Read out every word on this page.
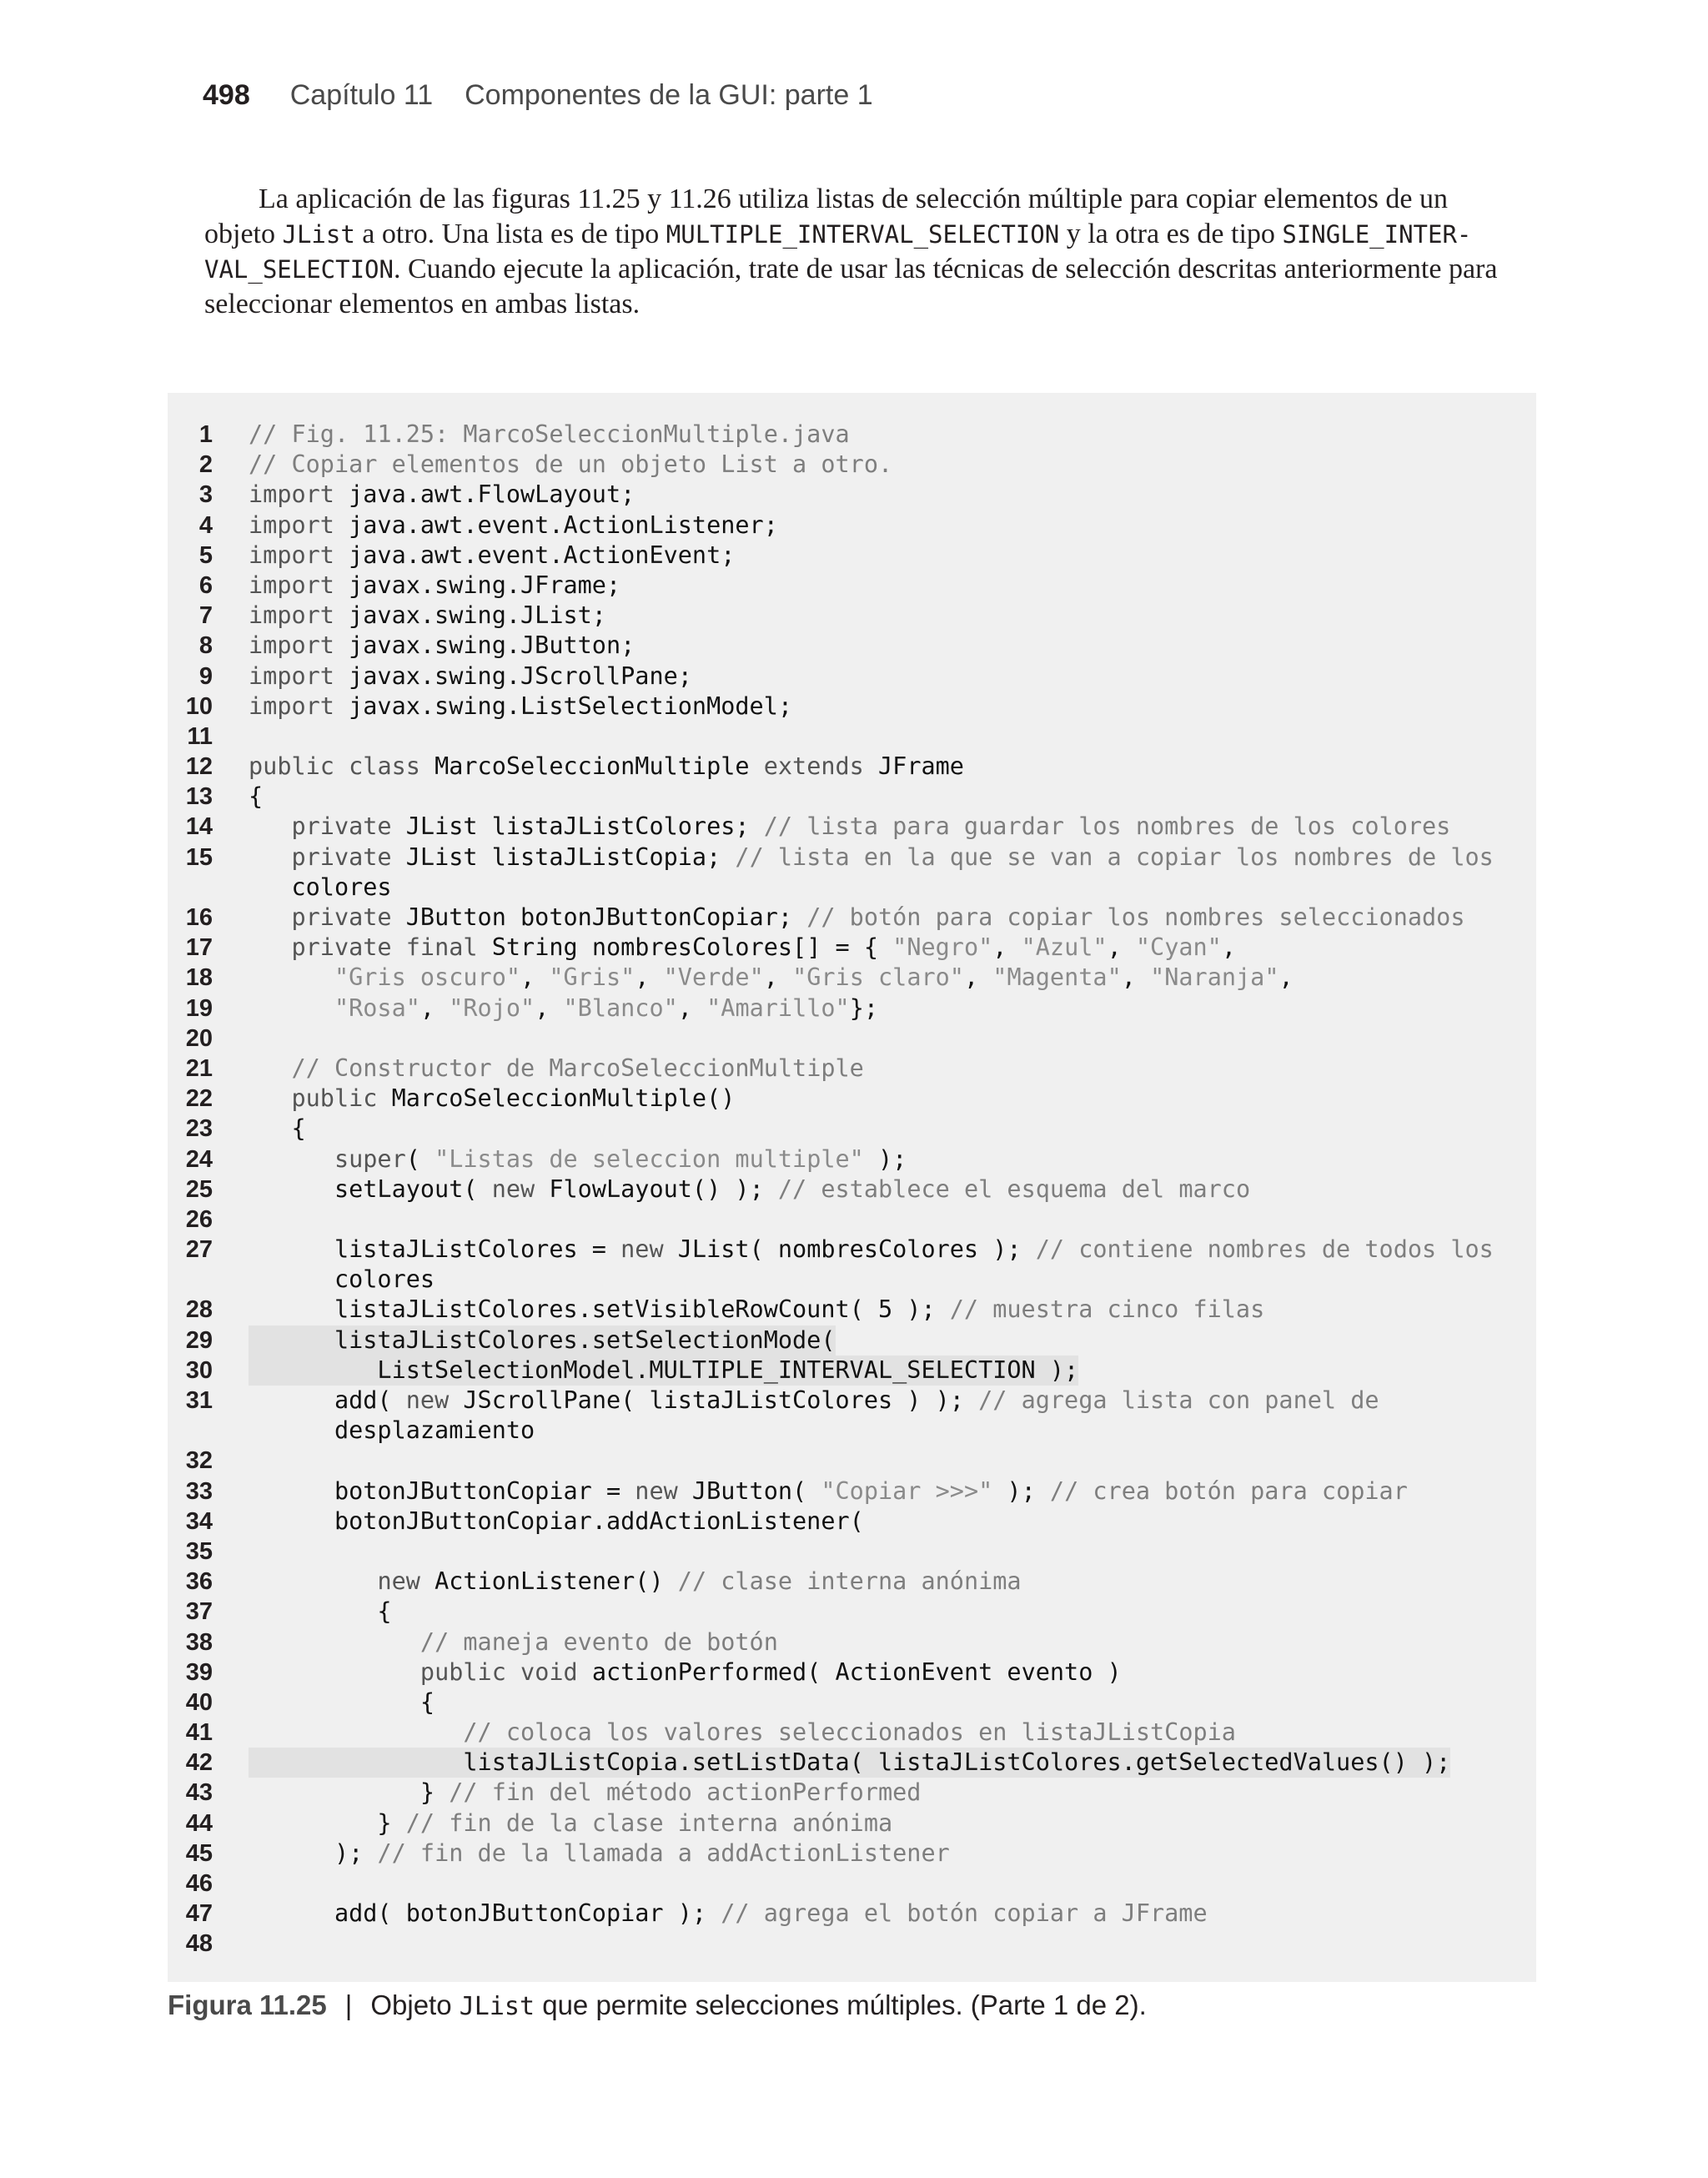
498 Capítulo 11 Componentes de la GUI: parte 1

La aplicación de las figuras 11.25 y 11.26 utiliza listas de selección múltiple para copiar elementos de un
objeto JList a otro. Una lista es de tipo MULTIPLE_INTERVAL_SELECTION y la otra es de tipo SINGLE_INTER-
VAL_SELECTION. Cuando ejecute la aplicación, trate de usar las técnicas de selección descritas anteriormente para
seleccionar elementos en ambas listas.

1 // Fig. 11.25: MarcoSeleccionMultiple.java
2 // Copiar elementos de un objeto List a otro.
3 import java.awt.FlowLayout;
4 import java.awt.event.ActionListener;
5 import java.awt.event.ActionEvent;
6 import javax.swing.JFrame;
7 import javax.swing.JList;
8 import javax.swing.JButton;
9 import javax.swing.JScrollPane;
10 import javax.swing.ListSelectionModel;
11
12 public class MarcoSeleccionMultiple extends JFrame
13 {
14	private JList listaJListColores; // lista para guardar los nombres de los colores
15	private JList listaJListCopia; // lista en la que se van a copiar los nombres de los
colores
16	private JButton botonJButtonCopiar; // botón para copiar los nombres seleccionados
17	private final String nombresColores[] = { "Negro", "Azul", "Cyan",
18	"Gris oscuro", "Gris", "Verde", "Gris claro", "Magenta", "Naranja",
19	"Rosa", "Rojo", "Blanco", "Amarillo"};
20
21	// Constructor de MarcoSeleccionMultiple
22	public MarcoSeleccionMultiple()
23 {
24	super( "Listas de seleccion multiple" );
25 setLayout( new FlowLayout() ); // establece el esquema del marco
26
27 listaJListColores = new JList( nombresColores ); // contiene nombres de todos los
colores
28 listaJListColores.setVisibleRowCount( 5 ); // muestra cinco filas
29 listaJListColores.setSelectionMode(
30 ListSelectionModel.MULTIPLE_INTERVAL_SELECTION );
31 add( new JScrollPane( listaJListColores ) ); // agrega lista con panel de
desplazamiento
32
33 botonJButtonCopiar = new JButton( "Copiar >>>" ); // crea botón para copiar
34 botonJButtonCopiar.addActionListener(
35
36	new ActionListener() // clase interna anónima
37 {
38	// maneja evento de botón
39	public void actionPerformed( ActionEvent evento )
40 {
41	// coloca los valores seleccionados en listaJListCopia
42 listaJListCopia.setListData( listaJListColores.getSelectedValues() );
43 } // fin del método actionPerformed
44 } // fin de la clase interna anónima
45 ); // fin de la llamada a addActionListener
46
47 add( botonJButtonCopiar ); // agrega el botón copiar a JFrame
48
Figura 11.25 | Objeto JList que permite selecciones múltiples. (Parte 1 de 2).
